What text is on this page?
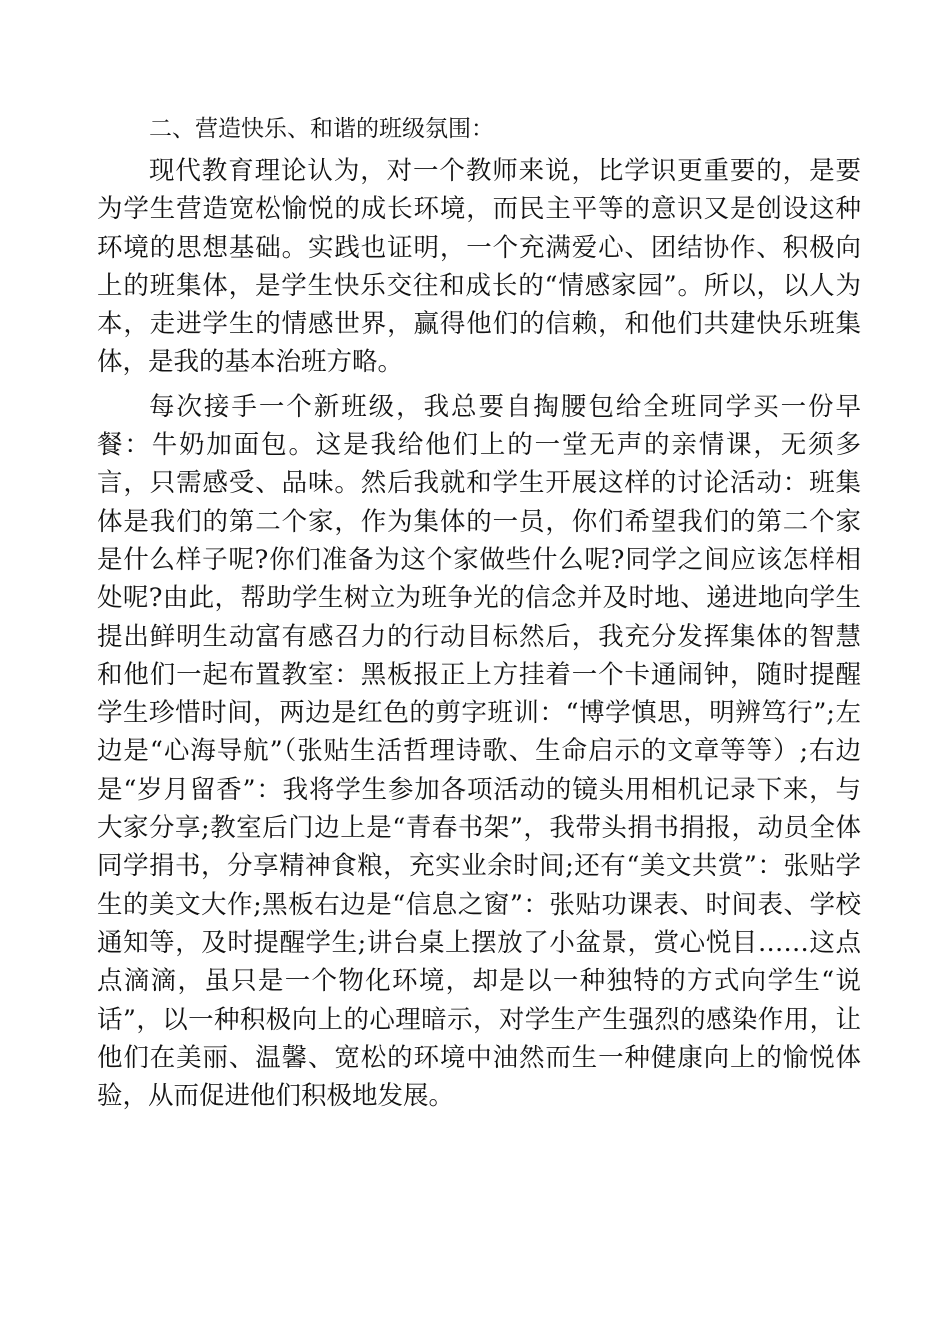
二、营造快乐、和谐的班级氛围：

现代教育理论认为，对一个教师来说，比学识更重要的，是要为学生营造宽松愉悦的成长环境，而民主平等的意识又是创设这种环境的思想基础。实践也证明，一个充满爱心、团结协作、积极向上的班集体，是学生快乐交往和成长的“情感家园”。所以，以人为本，走进学生的情感世界，赢得他们的信赖，和他们共建快乐班集体，是我的基本治班方略。

每次接手一个新班级，我总要自掏腰包给全班同学买一份早餐：牛奶加面包。这是我给他们上的一堂无声的亲情课，无须多言，只需感受、品味。然后我就和学生开展这样的讨论活动：班集体是我们的第二个家，作为集体的一员，你们希望我们的第二个家是什么样子呢?你们准备为这个家做些什么呢?同学之间应该怎样相处呢?由此，帮助学生树立为班争光的信念并及时地、递进地向学生提出鲜明生动富有感召力的行动目标然后，我充分发挥集体的智慧和他们一起布置教室：黑板报正上方挂着一个卡通闹钟，随时提醒学生珍惜时间，两边是红色的剪字班训：“博学慎思，明辨笃行”;左边是“心海导航”（张贴生活哲理诗歌、生命启示的文章等等）;右边是“岁月留香”：我将学生参加各项活动的镜头用相机记录下来，与大家分享;教室后门边上是“青春书架”，我带头捐书捐报，动员全体同学捐书，分享精神食粮，充实业余时间;还有“美文共赏”：张贴学生的美文大作;黑板右边是“信息之窗”：张贴功课表、时间表、学校通知等，及时提醒学生;讲台桌上摆放了小盆景，赏心悦目……这点点滴滴，虽只是一个物化环境，却是以一种独特的方式向学生“说话”，以一种积极向上的心理暗示，对学生产生强烈的感染作用，让他们在美丽、温馨、宽松的环境中油然而生一种健康向上的愉悦体验，从而促进他们积极地发展。
